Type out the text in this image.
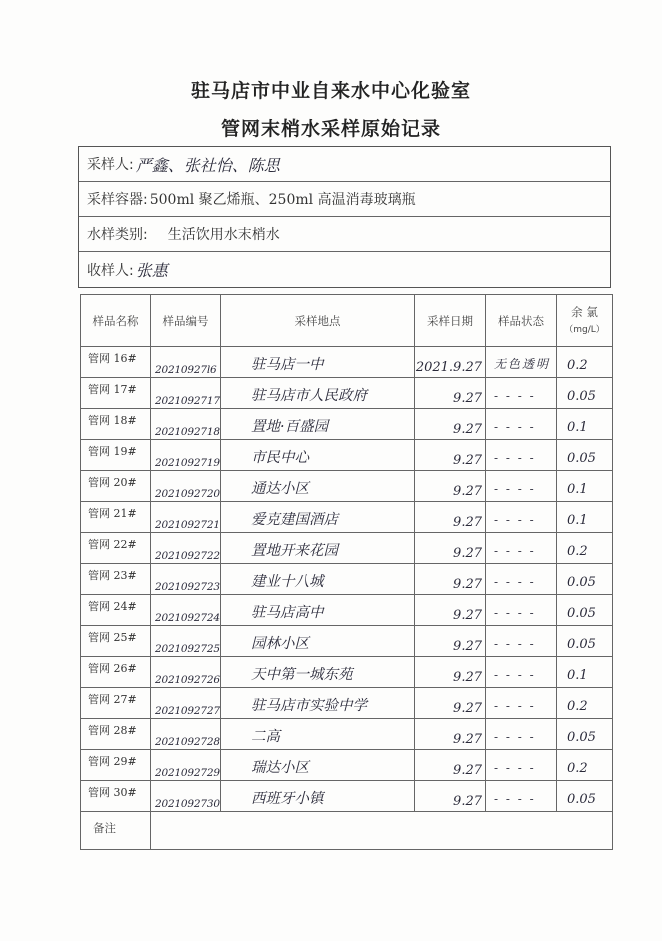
驻马店市中业自来水中心化验室
管网末梢水采样原始记录
采样人: 严鑫、张社怡、陈思
采样容器: 500ml 聚乙烯瓶、250ml 高温消毒玻璃瓶
水样类别: 生活饮用水末梢水
收样人: 张惠
样品名称	样品编号	采样地点	采样日期	样品状态	余 氯
（mg/L）
管网 16#	20210927l6	驻马店一中	2021.9.27	无色透明	0.2

管网 17#	2021092717	驻马店市人民政府	9.27	- - - -	0.05

管网 18#	2021092718	置地·百盛园	9.27	- - - -	0.1

管网 19#	2021092719	市民中心	9.27	- - - -	0.05

管网 20#	2021092720	通达小区	9.27	- - - -	0.1

管网 21#	2021092721	爱克建国酒店	9.27	- - - -	0.1

管网 22#	2021092722	置地开来花园	9.27	- - - -	0.2

管网 23#	2021092723	建业十八城	9.27	- - - -	0.05

管网 24#	2021092724	驻马店高中	9.27	- - - -	0.05

管网 25#	2021092725	园林小区	9.27	- - - -	0.05

管网 26#	2021092726	天中第一城东苑	9.27	- - - -	0.1

管网 27#	2021092727	驻马店市实验中学	9.27	- - - -	0.2

管网 28#	2021092728	二高	9.27	- - - -	0.05

管网 29#	2021092729	瑞达小区	9.27	- - - -	0.2

管网 30#	2021092730	西班牙小镇	9.27	- - - -	0.05

备注					
